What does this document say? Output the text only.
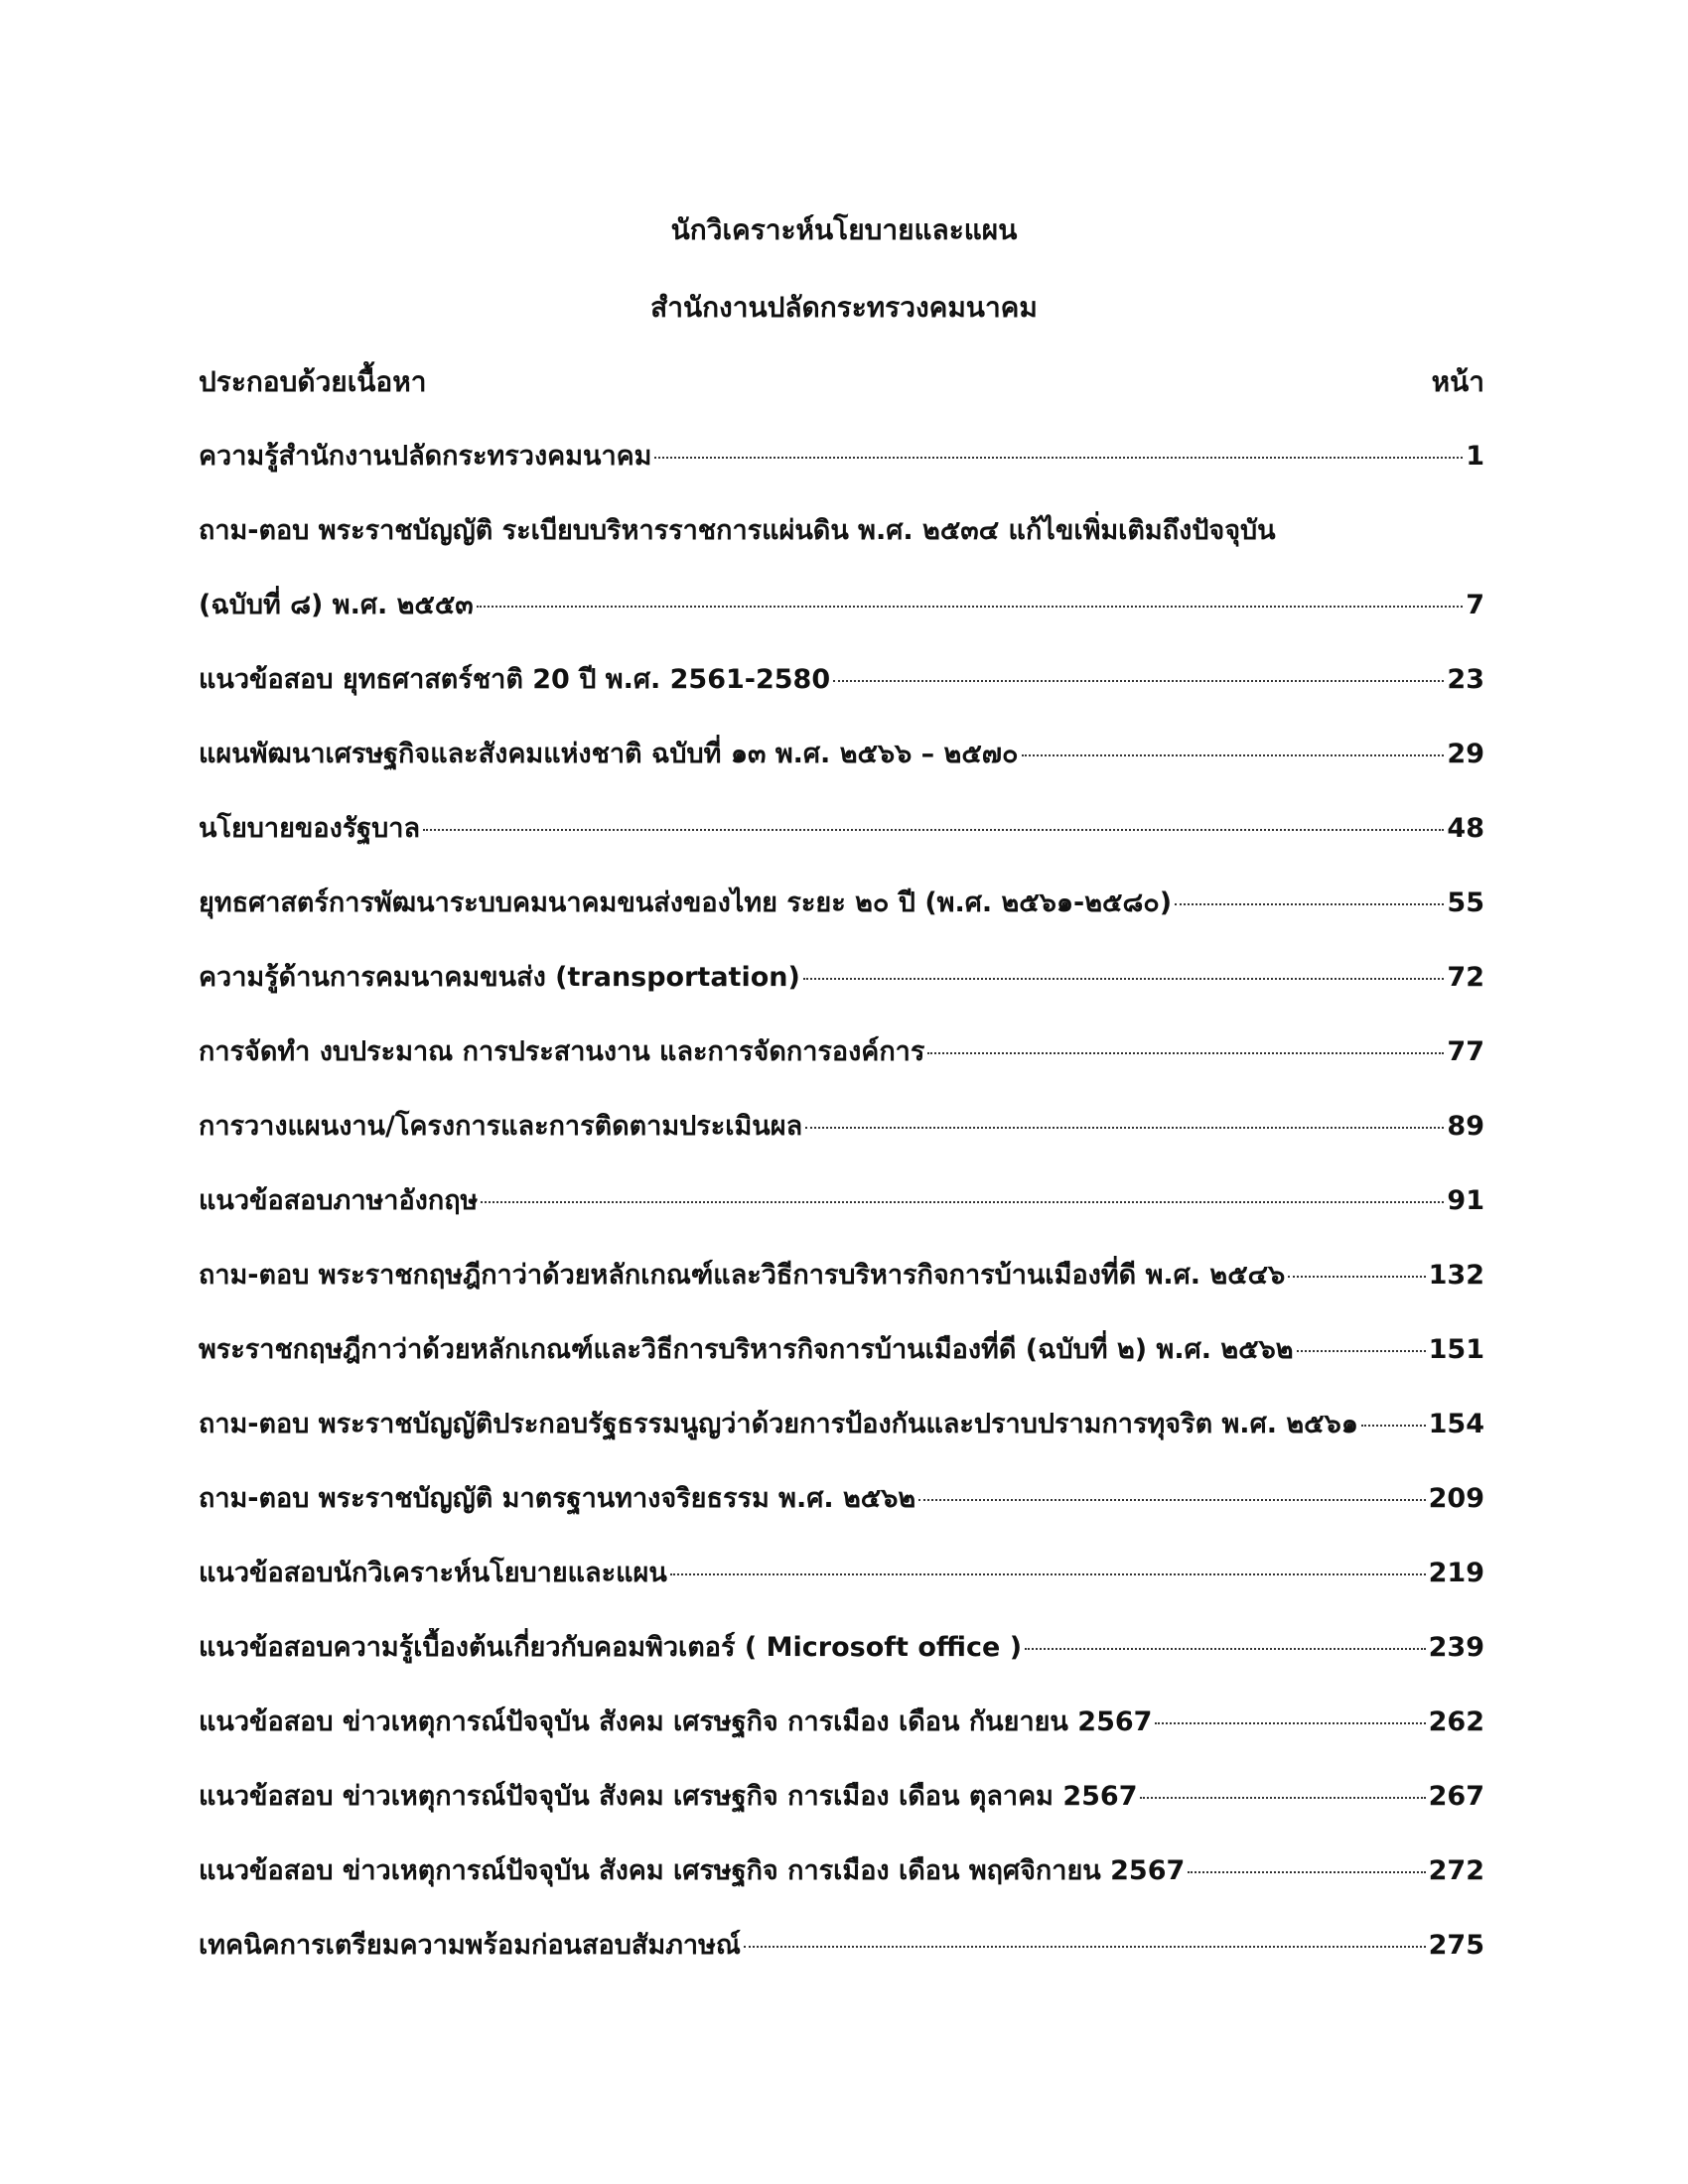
นักวิเคราะห์นโยบายและแผน
สำนักงานปลัดกระทรวงคมนาคม
ประกอบด้วยเนื้อหา	หน้า
ความรู้สำนักงานปลัดกระทรวงคมนาคม	1
ถาม-ตอบ พระราชบัญญัติ ระเบียบบริหารราชการแผ่นดิน พ.ศ. ๒๕๓๔ แก้ไขเพิ่มเติมถึงปัจจุบัน
(ฉบับที่ ๘) พ.ศ. ๒๕๕๓	7
แนวข้อสอบ ยุทธศาสตร์ชาติ 20 ปี พ.ศ. 2561-2580	23
แผนพัฒนาเศรษฐกิจและสังคมแห่งชาติ ฉบับที่ ๑๓ พ.ศ. ๒๕๖๖ – ๒๕๗๐	29
นโยบายของรัฐบาล	48
ยุทธศาสตร์การพัฒนาระบบคมนาคมขนส่งของไทย ระยะ ๒๐ ปี (พ.ศ. ๒๕๖๑-๒๕๘๐)	55
ความรู้ด้านการคมนาคมขนส่ง (transportation)	72
การจัดทำ งบประมาณ การประสานงาน และการจัดการองค์การ	77
การวางแผนงาน/โครงการและการติดตามประเมินผล	89
แนวข้อสอบภาษาอังกฤษ	91
ถาม-ตอบ พระราชกฤษฎีกาว่าด้วยหลักเกณฑ์และวิธีการบริหารกิจการบ้านเมืองที่ดี พ.ศ. ๒๕๔๖	132
พระราชกฤษฎีกาว่าด้วยหลักเกณฑ์และวิธีการบริหารกิจการบ้านเมืองที่ดี (ฉบับที่ ๒) พ.ศ. ๒๕๖๒	151
ถาม-ตอบ พระราชบัญญัติประกอบรัฐธรรมนูญว่าด้วยการป้องกันและปราบปรามการทุจริต พ.ศ. ๒๕๖๑	154
ถาม-ตอบ พระราชบัญญัติ มาตรฐานทางจริยธรรม พ.ศ. ๒๕๖๒	209
แนวข้อสอบนักวิเคราะห์นโยบายและแผน	219
แนวข้อสอบความรู้เบื้องต้นเกี่ยวกับคอมพิวเตอร์ ( Microsoft office )	239
แนวข้อสอบ ข่าวเหตุการณ์ปัจจุบัน สังคม เศรษฐกิจ การเมือง เดือน กันยายน 2567	262
แนวข้อสอบ ข่าวเหตุการณ์ปัจจุบัน สังคม เศรษฐกิจ การเมือง เดือน ตุลาคม 2567	267
แนวข้อสอบ ข่าวเหตุการณ์ปัจจุบัน สังคม เศรษฐกิจ การเมือง เดือน พฤศจิกายน 2567	272
เทคนิคการเตรียมความพร้อมก่อนสอบสัมภาษณ์	275
